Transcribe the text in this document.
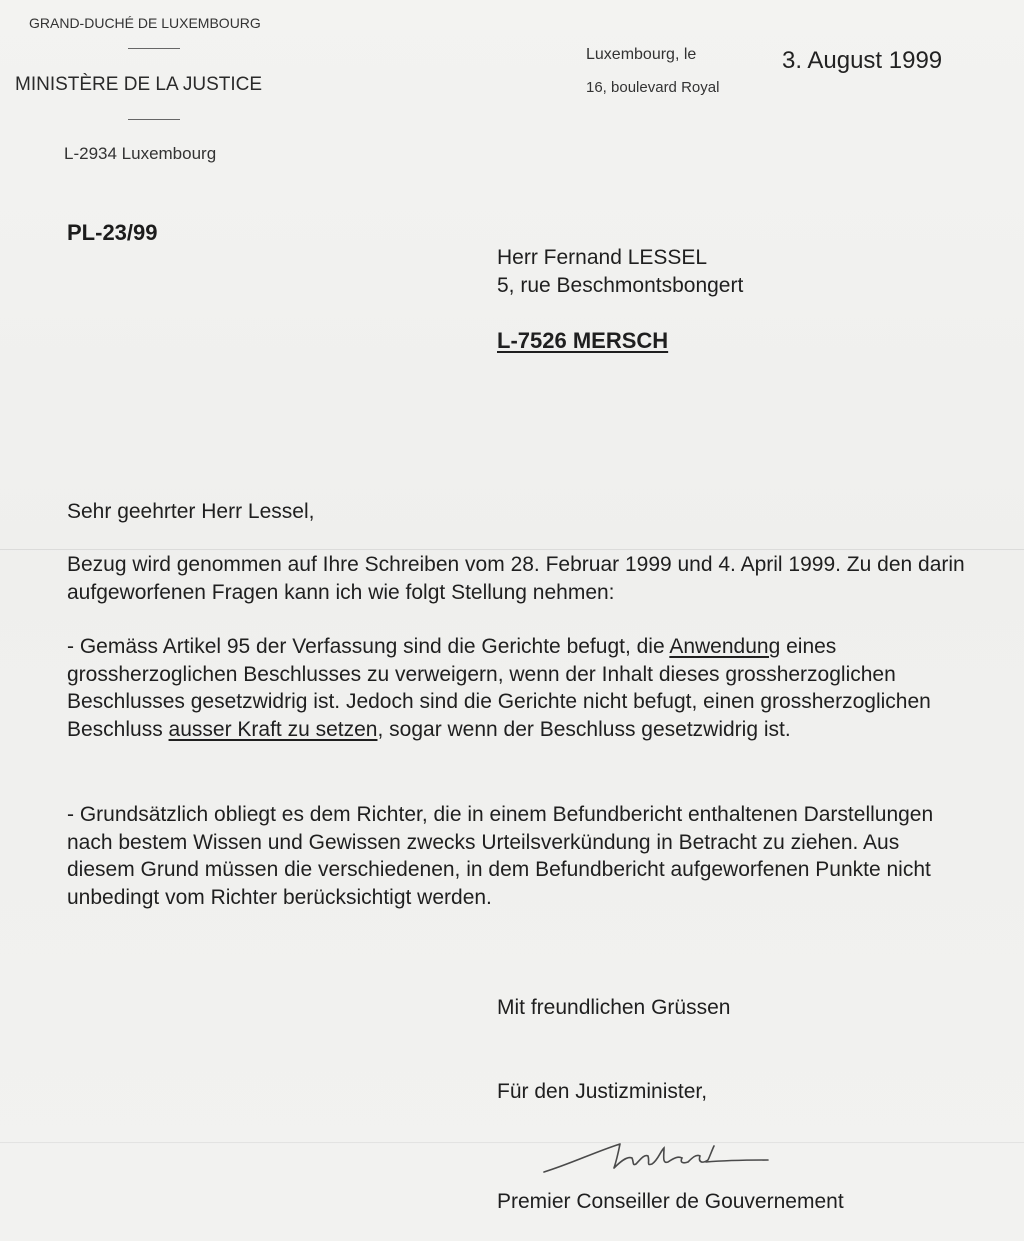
GRAND-DUCHÉ DE LUXEMBOURG
MINISTÈRE DE LA JUSTICE
L-2934 Luxembourg
Luxembourg, le
16, boulevard Royal
3. August 1999
PL-23/99
Herr Fernand LESSEL
5, rue Beschmontsbongert
L-7526 MERSCH
Sehr geehrter Herr Lessel,
Bezug wird genommen auf Ihre Schreiben vom 28. Februar 1999 und 4. April 1999. Zu den darin aufgeworfenen Fragen kann ich wie folgt Stellung nehmen:
- Gemäss Artikel 95 der Verfassung sind die Gerichte befugt, die Anwendung eines grossherzoglichen Beschlusses zu verweigern, wenn der Inhalt dieses grossherzoglichen Beschlusses gesetzwidrig ist. Jedoch sind die Gerichte nicht befugt, einen grossherzoglichen Beschluss ausser Kraft zu setzen, sogar wenn der Beschluss gesetzwidrig ist.
- Grundsätzlich obliegt es dem Richter, die in einem Befundbericht enthaltenen Darstellungen nach bestem Wissen und Gewissen zwecks Urteilsverkündung in Betracht zu ziehen. Aus diesem Grund müssen die verschiedenen, in dem Befundbericht aufgeworfenen Punkte nicht unbedingt vom Richter berücksichtigt werden.
Mit freundlichen Grüssen
Für den Justizminister,
Premier Conseiller de Gouvernement
